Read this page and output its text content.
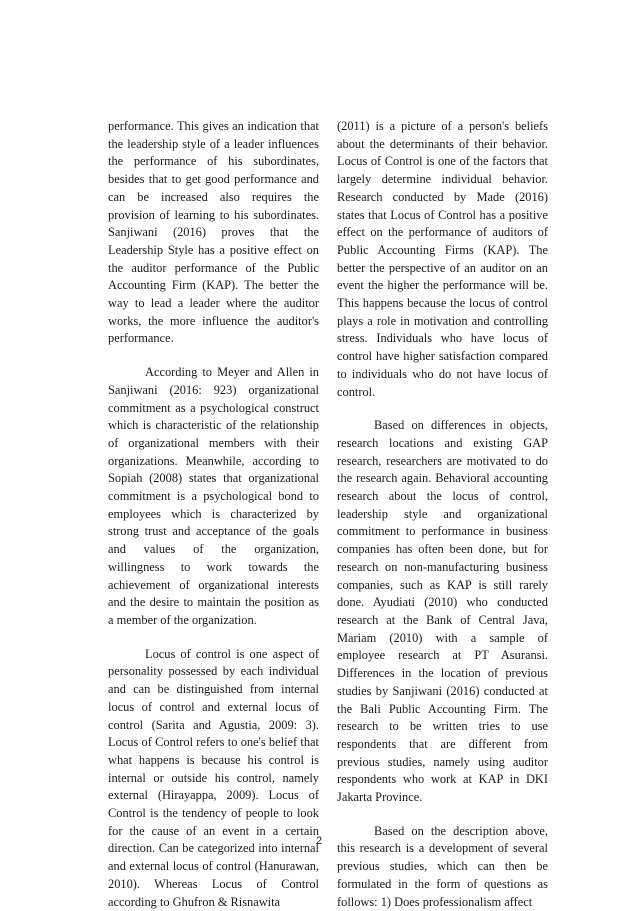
performance. This gives an indication that the leadership style of a leader influences the performance of his subordinates, besides that to get good performance and can be increased also requires the provision of learning to his subordinates. Sanjiwani (2016) proves that the Leadership Style has a positive effect on the auditor performance of the Public Accounting Firm (KAP). The better the way to lead a leader where the auditor works, the more influence the auditor's performance.

According to Meyer and Allen in Sanjiwani (2016: 923) organizational commitment as a psychological construct which is characteristic of the relationship of organizational members with their organizations. Meanwhile, according to Sopiah (2008) states that organizational commitment is a psychological bond to employees which is characterized by strong trust and acceptance of the goals and values of the organization, willingness to work towards the achievement of organizational interests and the desire to maintain the position as a member of the organization.

Locus of control is one aspect of personality possessed by each individual and can be distinguished from internal locus of control and external locus of control (Sarita and Agustia, 2009: 3). Locus of Control refers to one's belief that what happens is because his control is internal or outside his control, namely external (Hirayappa, 2009). Locus of Control is the tendency of people to look for the cause of an event in a certain direction. Can be categorized into internal and external locus of control (Hanurawan, 2010). Whereas Locus of Control according to Ghufron & Risnawita

(2011) is a picture of a person's beliefs about the determinants of their behavior. Locus of Control is one of the factors that largely determine individual behavior. Research conducted by Made (2016) states that Locus of Control has a positive effect on the performance of auditors of Public Accounting Firms (KAP). The better the perspective of an auditor on an event the higher the performance will be. This happens because the locus of control plays a role in motivation and controlling stress. Individuals who have locus of control have higher satisfaction compared to individuals who do not have locus of control.

Based on differences in objects, research locations and existing GAP research, researchers are motivated to do the research again. Behavioral accounting research about the locus of control, leadership style and organizational commitment to performance in business companies has often been done, but for research on non-manufacturing business companies, such as KAP is still rarely done. Ayudiati (2010) who conducted research at the Bank of Central Java, Mariam (2010) with a sample of employee research at PT Asuransi. Differences in the location of previous studies by Sanjiwani (2016) conducted at the Bali Public Accounting Firm. The research to be written tries to use respondents that are different from previous studies, namely using auditor respondents who work at KAP in DKI Jakarta Province.

Based on the description above, this research is a development of several previous studies, which can then be formulated in the form of questions as follows: 1) Does professionalism affect

2
